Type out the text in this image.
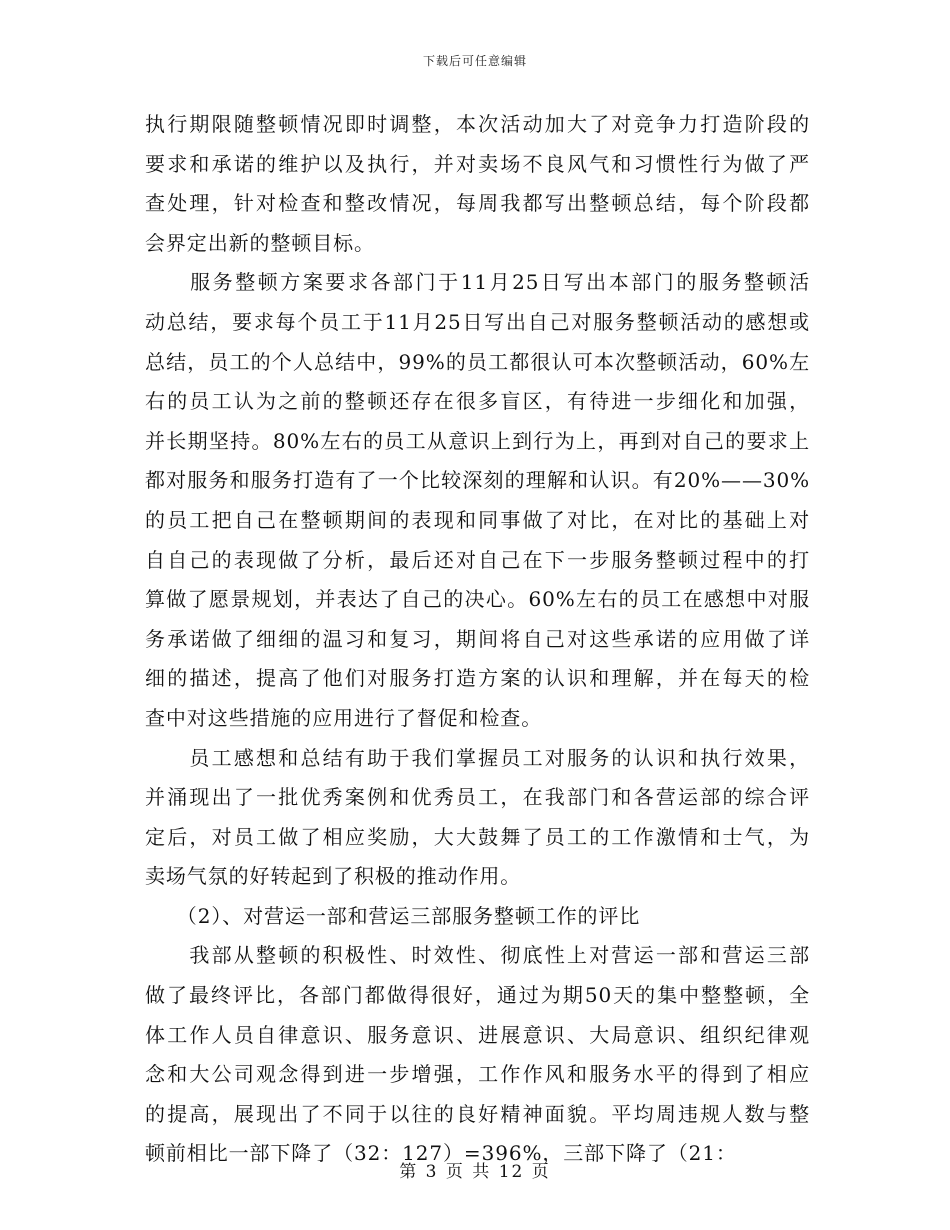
下载后可任意编辑
执行期限随整顿情况即时调整，本次活动加大了对竞争力打造阶段的
要求和承诺的维护以及执行，并对卖场不良风气和习惯性行为做了严
查处理，针对检查和整改情况，每周我都写出整顿总结，每个阶段都
会界定出新的整顿目标。
　　服务整顿方案要求各部门于11月25日写出本部门的服务整顿活
动总结，要求每个员工于11月25日写出自己对服务整顿活动的感想或
总结，员工的个人总结中，99%的员工都很认可本次整顿活动，60%左
右的员工认为之前的整顿还存在很多盲区，有待进一步细化和加强，
并长期坚持。80%左右的员工从意识上到行为上，再到对自己的要求上
都对服务和服务打造有了一个比较深刻的理解和认识。有20%——30%
的员工把自己在整顿期间的表现和同事做了对比，在对比的基础上对
自自己的表现做了分析，最后还对自己在下一步服务整顿过程中的打
算做了愿景规划，并表达了自己的决心。60%左右的员工在感想中对服
务承诺做了细细的温习和复习，期间将自己对这些承诺的应用做了详
细的描述，提高了他们对服务打造方案的认识和理解，并在每天的检
查中对这些措施的应用进行了督促和检查。
　　员工感想和总结有助于我们掌握员工对服务的认识和执行效果，
并涌现出了一批优秀案例和优秀员工，在我部门和各营运部的综合评
定后，对员工做了相应奖励，大大鼓舞了员工的工作激情和士气，为
卖场气氛的好转起到了积极的推动作用。
　　（2）、对营运一部和营运三部服务整顿工作的评比
　　我部从整顿的积极性、时效性、彻底性上对营运一部和营运三部
做了最终评比，各部门都做得很好，通过为期50天的集中整整顿，全
体工作人员自律意识、服务意识、进展意识、大局意识、组织纪律观
念和大公司观念得到进一步增强，工作作风和服务水平的得到了相应
的提高，展现出了不同于以往的良好精神面貌。平均周违规人数与整
顿前相比一部下降了（32：127）=396%，三部下降了（21：
第 3 页 共 12 页
